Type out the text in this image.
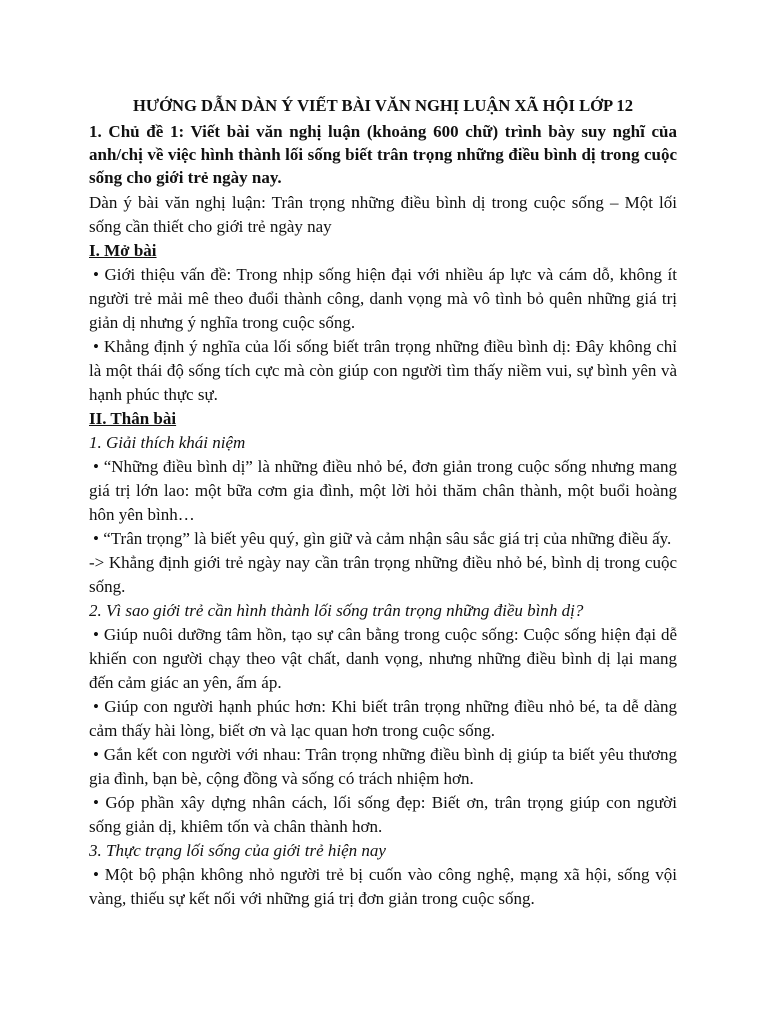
HƯỚNG DẪN DÀN Ý VIẾT BÀI VĂN NGHỊ LUẬN XÃ HỘI LỚP 12
1. Chủ đề 1: Viết bài văn nghị luận (khoảng 600 chữ) trình bày suy nghĩ của anh/chị về việc hình thành lối sống biết trân trọng những điều bình dị trong cuộc sống cho giới trẻ ngày nay.
Dàn ý bài văn nghị luận: Trân trọng những điều bình dị trong cuộc sống – Một lối sống cần thiết cho giới trẻ ngày nay
I. Mở bài
• Giới thiệu vấn đề: Trong nhịp sống hiện đại với nhiều áp lực và cám dỗ, không ít người trẻ mải mê theo đuổi thành công, danh vọng mà vô tình bỏ quên những giá trị giản dị nhưng ý nghĩa trong cuộc sống.
• Khẳng định ý nghĩa của lối sống biết trân trọng những điều bình dị: Đây không chỉ là một thái độ sống tích cực mà còn giúp con người tìm thấy niềm vui, sự bình yên và hạnh phúc thực sự.
II. Thân bài
1. Giải thích khái niệm
• “Những điều bình dị” là những điều nhỏ bé, đơn giản trong cuộc sống nhưng mang giá trị lớn lao: một bữa cơm gia đình, một lời hỏi thăm chân thành, một buổi hoàng hôn yên bình…
• “Trân trọng” là biết yêu quý, gìn giữ và cảm nhận sâu sắc giá trị của những điều ấy.
-> Khẳng định giới trẻ ngày nay cần trân trọng những điều nhỏ bé, bình dị trong cuộc sống.
2. Vì sao giới trẻ cần hình thành lối sống trân trọng những điều bình dị?
• Giúp nuôi dưỡng tâm hồn, tạo sự cân bằng trong cuộc sống: Cuộc sống hiện đại dễ khiến con người chạy theo vật chất, danh vọng, nhưng những điều bình dị lại mang đến cảm giác an yên, ấm áp.
• Giúp con người hạnh phúc hơn: Khi biết trân trọng những điều nhỏ bé, ta dễ dàng cảm thấy hài lòng, biết ơn và lạc quan hơn trong cuộc sống.
• Gắn kết con người với nhau: Trân trọng những điều bình dị giúp ta biết yêu thương gia đình, bạn bè, cộng đồng và sống có trách nhiệm hơn.
• Góp phần xây dựng nhân cách, lối sống đẹp: Biết ơn, trân trọng giúp con người sống giản dị, khiêm tốn và chân thành hơn.
3. Thực trạng lối sống của giới trẻ hiện nay
• Một bộ phận không nhỏ người trẻ bị cuốn vào công nghệ, mạng xã hội, sống vội vàng, thiếu sự kết nối với những giá trị đơn giản trong cuộc sống.
